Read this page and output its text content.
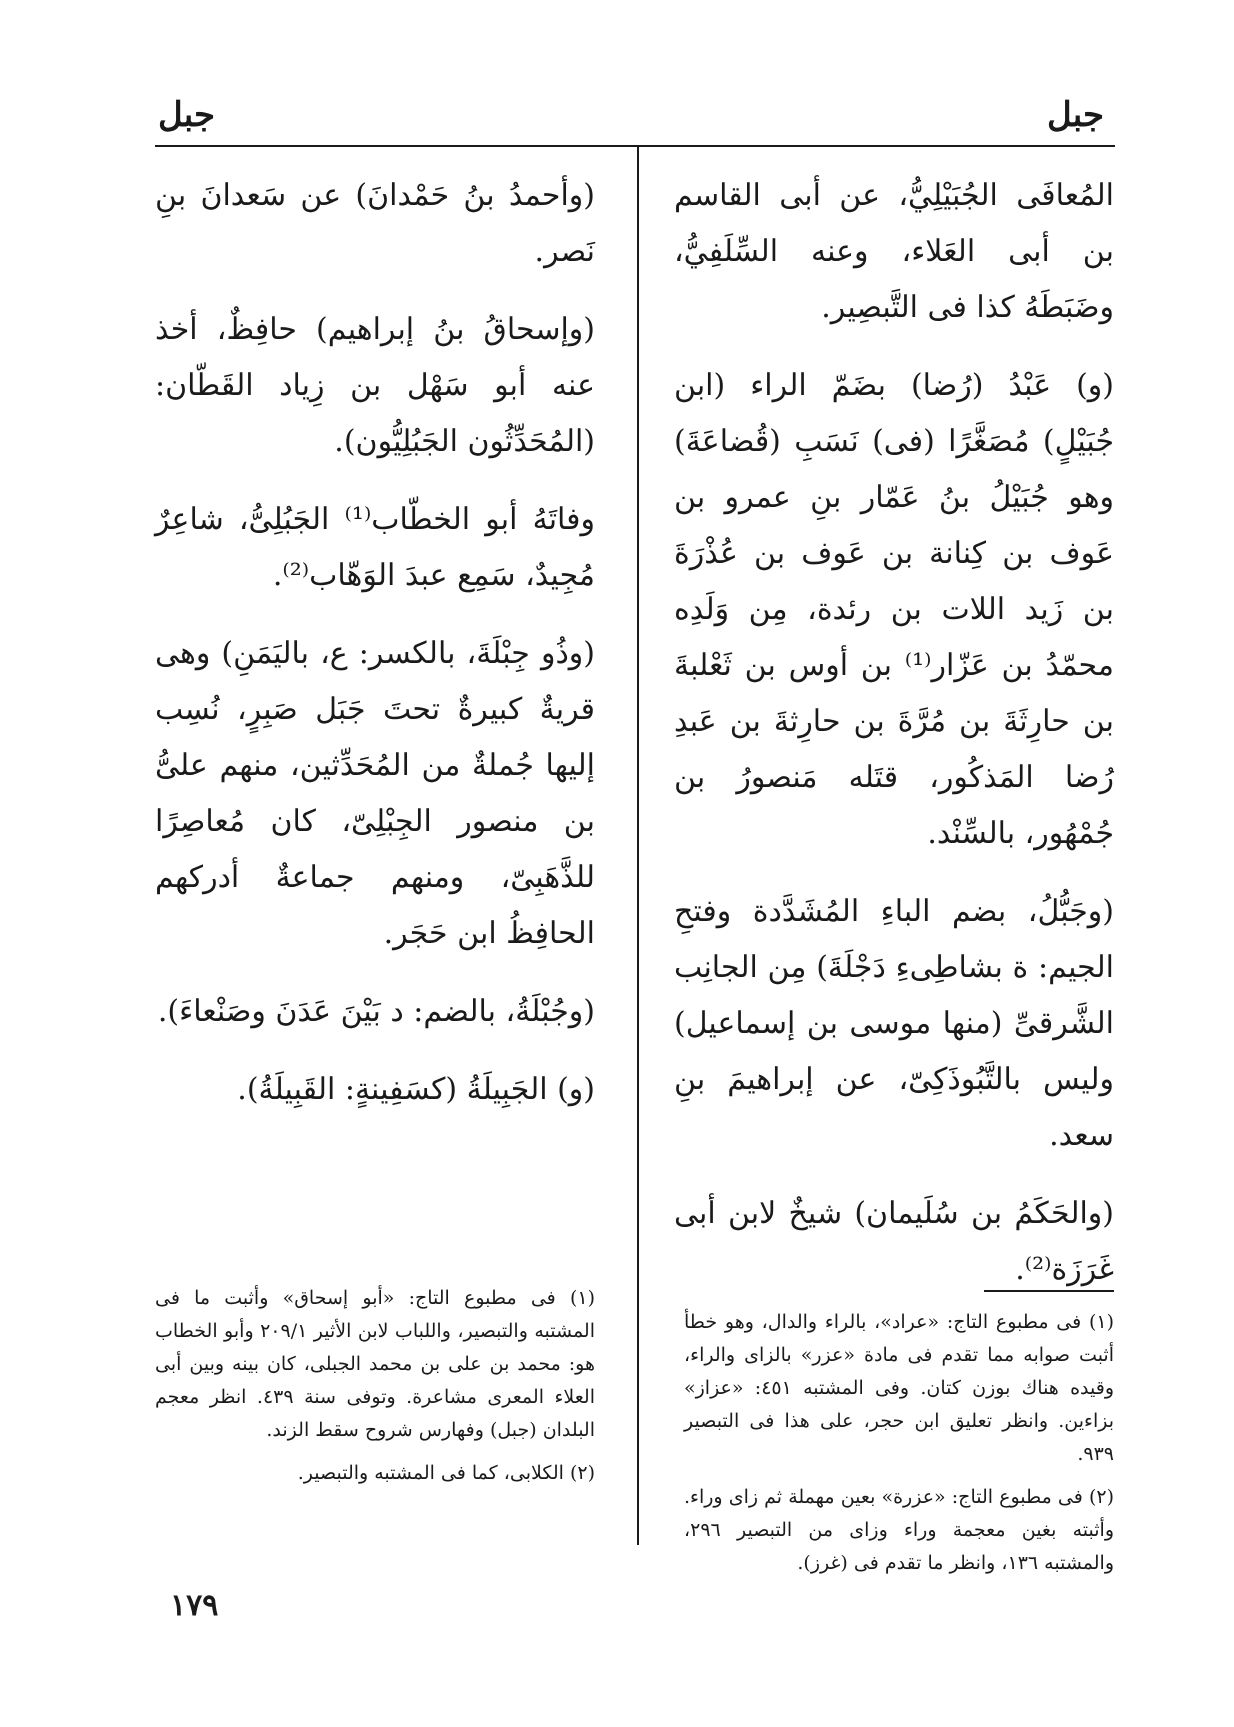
جبل
جبل

المُعافَى الجُبَيْلِيُّ، عن أبى القاسم بن أبى العَلاء، وعنه السِّلَفِيُّ، وضَبَطَهُ كذا فى التَّبصِير.

(و) عَبْدُ (رُضا) بضَمّ الراء (ابن جُبَيْلٍ) مُصَغَّرًا (فى) نَسَبِ (قُضاعَةَ) وهو جُبَيْلُ بنُ عَمّار بنِ عمرو بن عَوف بن كِنانة بن عَوف بن عُذْرَةَ بن زَيد اللات بن رئدة، مِن وَلَدِه محمّدُ بن عَزّار⁽¹⁾ بن أوس بن ثَعْلبةَ بن حارِثَةَ بن مُرَّةَ بن حارِثةَ بن عَبدِ رُضا المَذكُور، قتَله مَنصورُ بن جُمْهُور، بالسِّنْد.

(وجَبُّلُ، بضم الباءِ المُشَدَّدة وفتحِ الجيم: ة بشاطِىءِ دَجْلَةَ) مِن الجانِب الشَّرقىِّ (منها موسى بن إسماعيل) وليس بالتَّبُوذَكِىّ، عن إبراهيمَ بنِ سعد.

(والحَكَمُ بن سُلَيمان) شيخٌ لابن أبى غَرَزَة⁽²⁾.

(وأحمدُ بنُ حَمْدانَ) عن سَعدانَ بنِ نَصر.

(وإسحاقُ بنُ إبراهيم) حافِظٌ، أخذ عنه أبو سَهْل بن زِياد القَطّان: (المُحَدِّثُون الجَبُلِيُّون).

وفاتَهُ أبو الخطّاب⁽¹⁾ الجَبُلِىُّ، شاعِرٌ مُجِيدٌ، سَمِع عبدَ الوَهّاب⁽²⁾.

(وذُو جِبْلَةَ، بالكسر: ع، باليَمَنِ) وهى قريةٌ كبيرةٌ تحتَ جَبَل صَبِرٍ، نُسِب إليها جُملةٌ من المُحَدِّثين، منهم علىُّ بن منصور الجِبْلِىّ، كان مُعاصِرًا للذَّهَبِىّ، ومنهم جماعةٌ أدركهم الحافِظُ ابن حَجَر.

(وجُبْلَةُ، بالضم: د بَيْنَ عَدَنَ وصَنْعاءَ).

(و) الجَبِيلَةُ (كسَفِينةٍ: القَبِيلَةُ).

(١) فى مطبوع التاج: «عراد»، بالراء والدال، وهو خطأ أثبت صوابه مما تقدم فى مادة «عزر» بالزاى والراء، وقيده هناك بوزن كتان. وفى المشتبه ٤٥١: «عزاز» بزاءين. وانظر تعليق ابن حجر، على هذا فى التبصير ٩٣٩.

(٢) فى مطبوع التاج: «عزرة» بعين مهملة ثم زاى وراء. وأثبته بغين معجمة وراء وزاى من التبصير ٢٩٦، والمشتبه ١٣٦، وانظر ما تقدم فى (غرز).

(١) فى مطبوع التاج: «أبو إسحاق» وأثبت ما فى المشتبه والتبصير، واللباب لابن الأثير ٢٠٩/١ وأبو الخطاب هو: محمد بن على بن محمد الجبلى، كان بينه وبين أبى العلاء المعرى مشاعرة. وتوفى سنة ٤٣٩. انظر معجم البلدان (جبل) وفهارس شروح سقط الزند.

(٢) الكلابى، كما فى المشتبه والتبصير.

١٧٩
